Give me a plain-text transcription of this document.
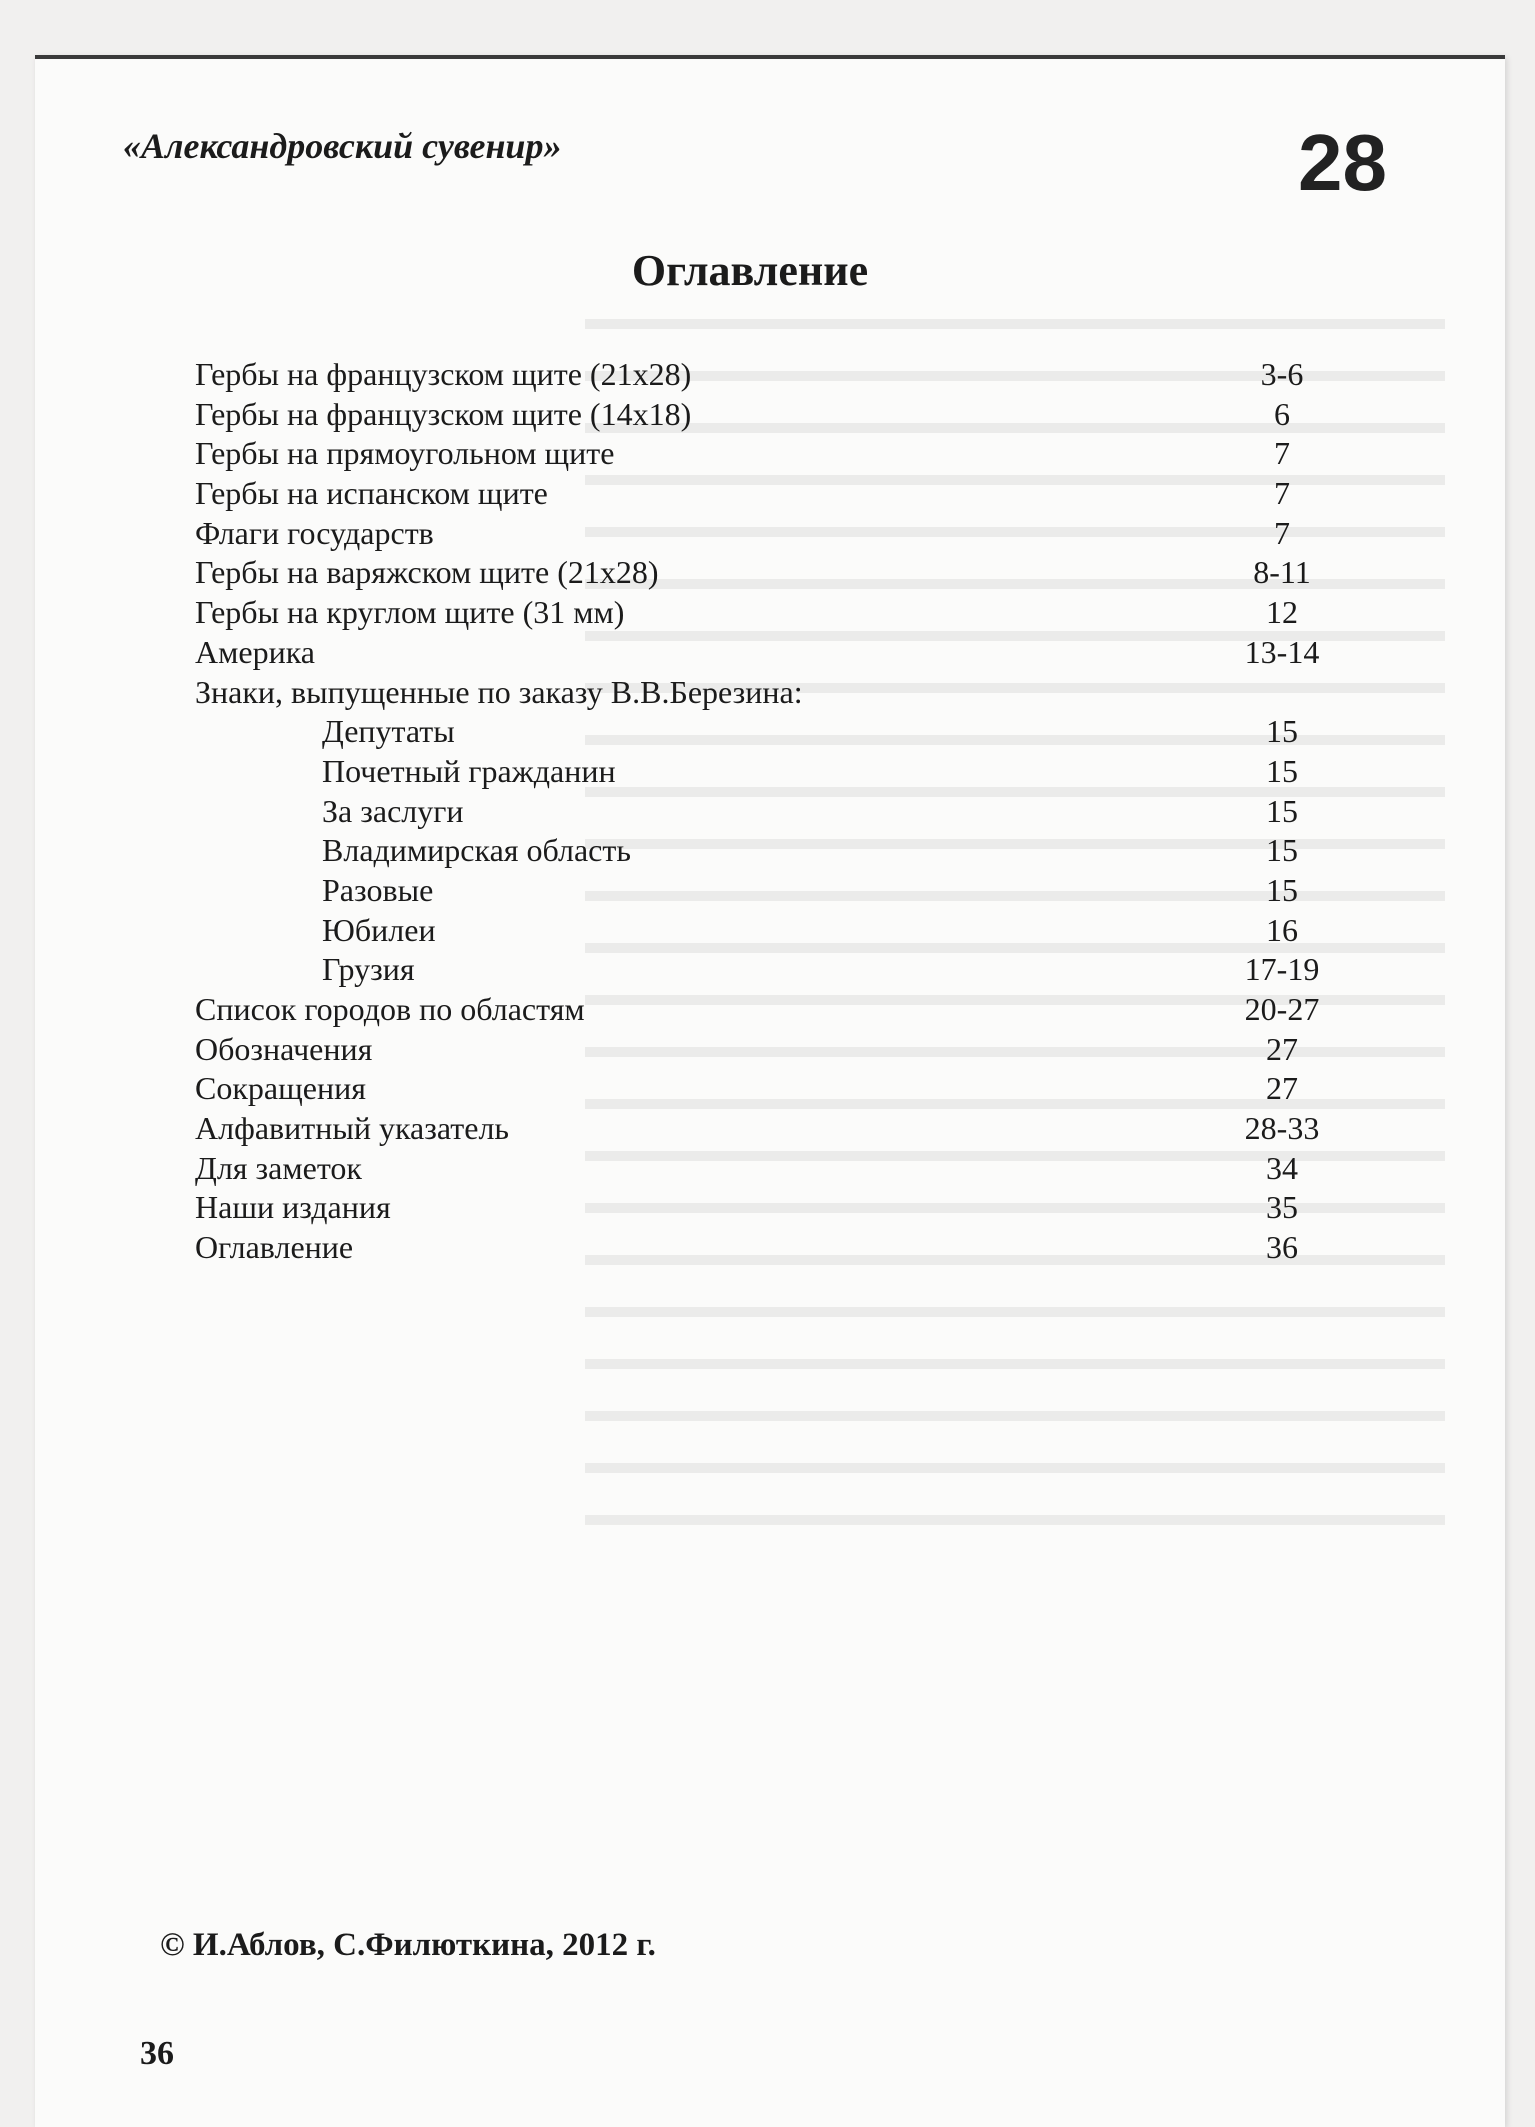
«Александровский сувенир»	28
Оглавление
Гербы на французском щите (21х28)	3-6
Гербы на французском щите (14х18)	6
Гербы на прямоугольном щите	7
Гербы на испанском щите	7
Флаги государств	7
Гербы на варяжском щите (21х28)	8-11
Гербы на круглом щите (31 мм)	12
Америка	13-14
Знаки, выпущенные по заказу В.В.Березина:
Депутаты	15
Почетный гражданин	15
За заслуги	15
Владимирская область	15
Разовые	15
Юбилеи	16
Грузия	17-19
Список городов по областям	20-27
Обозначения	27
Сокращения	27
Алфавитный указатель	28-33
Для заметок	34
Наши издания	35
Оглавление	36
© И.Аблов, С.Филюткина, 2012 г.
36
